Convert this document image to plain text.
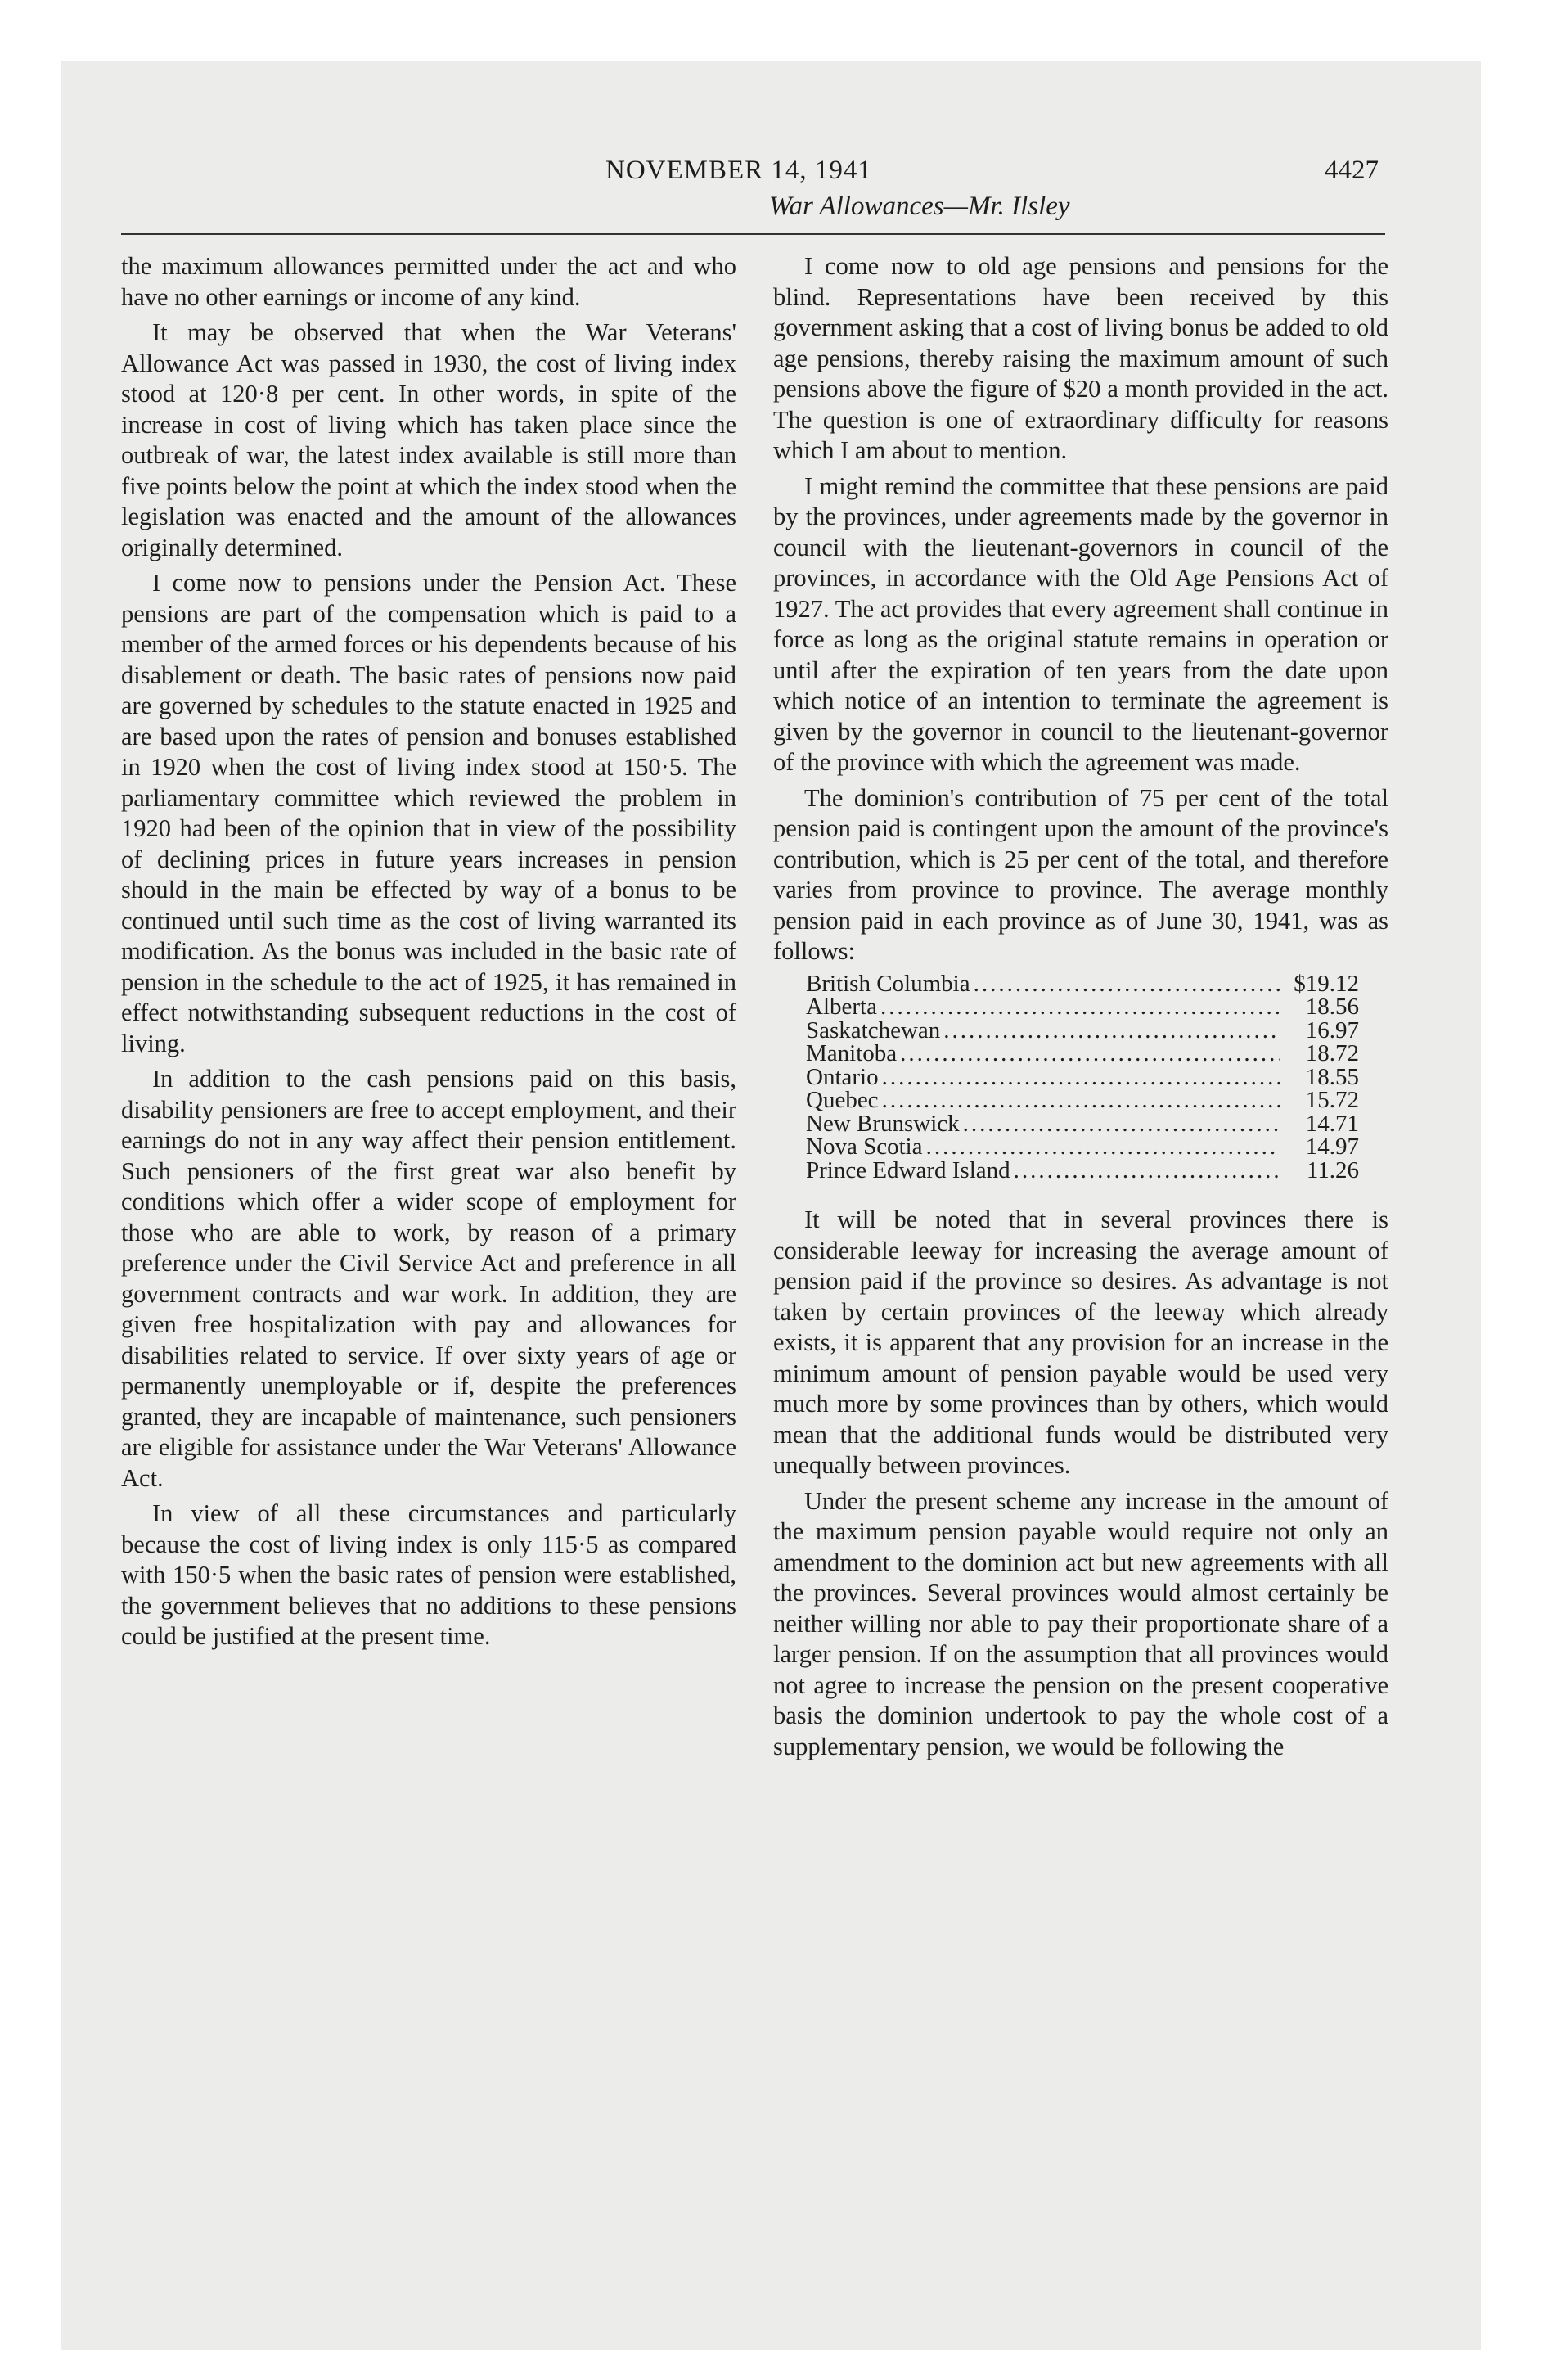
NOVEMBER 14, 1941	4427
War Allowances—Mr. Ilsley

the maximum allowances permitted under the act and who have no other earnings or income of any kind.

It may be observed that when the War Veterans' Allowance Act was passed in 1930, the cost of living index stood at 120·8 per cent. In other words, in spite of the increase in cost of living which has taken place since the outbreak of war, the latest index available is still more than five points below the point at which the index stood when the legislation was enacted and the amount of the allowances originally determined.

I come now to pensions under the Pension Act. These pensions are part of the compensation which is paid to a member of the armed forces or his dependents because of his disablement or death. The basic rates of pensions now paid are governed by schedules to the statute enacted in 1925 and are based upon the rates of pension and bonuses established in 1920 when the cost of living index stood at 150·5. The parliamentary committee which reviewed the problem in 1920 had been of the opinion that in view of the possibility of declining prices in future years increases in pension should in the main be effected by way of a bonus to be continued until such time as the cost of living warranted its modification. As the bonus was included in the basic rate of pension in the schedule to the act of 1925, it has remained in effect notwithstanding subsequent reductions in the cost of living.

In addition to the cash pensions paid on this basis, disability pensioners are free to accept employment, and their earnings do not in any way affect their pension entitlement. Such pensioners of the first great war also benefit by conditions which offer a wider scope of employment for those who are able to work, by reason of a primary preference under the Civil Service Act and preference in all government contracts and war work. In addition, they are given free hospitalization with pay and allowances for disabilities related to service. If over sixty years of age or permanently unemployable or if, despite the preferences granted, they are incapable of maintenance, such pensioners are eligible for assistance under the War Veterans' Allowance Act.

In view of all these circumstances and particularly because the cost of living index is only 115·5 as compared with 150·5 when the basic rates of pension were established, the government believes that no additions to these pensions could be justified at the present time.

I come now to old age pensions and pensions for the blind. Representations have been received by this government asking that a cost of living bonus be added to old age pensions, thereby raising the maximum amount of such pensions above the figure of $20 a month provided in the act. The question is one of extraordinary difficulty for reasons which I am about to mention.

I might remind the committee that these pensions are paid by the provinces, under agreements made by the governor in council with the lieutenant-governors in council of the provinces, in accordance with the Old Age Pensions Act of 1927. The act provides that every agreement shall continue in force as long as the original statute remains in operation or until after the expiration of ten years from the date upon which notice of an intention to terminate the agreement is given by the governor in council to the lieutenant-governor of the province with which the agreement was made.

The dominion's contribution of 75 per cent of the total pension paid is contingent upon the amount of the province's contribution, which is 25 per cent of the total, and therefore varies from province to province. The average monthly pension paid in each province as of June 30, 1941, was as follows:

British Columbia .....	$19.12
Alberta .....	18.56
Saskatchewan .....	16.97
Manitoba .....	18.72
Ontario .....	18.55
Quebec .....	15.72
New Brunswick .....	14.71
Nova Scotia .....	14.97
Prince Edward Island .....	11.26

It will be noted that in several provinces there is considerable leeway for increasing the average amount of pension paid if the province so desires. As advantage is not taken by certain provinces of the leeway which already exists, it is apparent that any provision for an increase in the minimum amount of pension payable would be used very much more by some provinces than by others, which would mean that the additional funds would be distributed very unequally between provinces.

Under the present scheme any increase in the amount of the maximum pension payable would require not only an amendment to the dominion act but new agreements with all the provinces. Several provinces would almost certainly be neither willing nor able to pay their proportionate share of a larger pension. If on the assumption that all provinces would not agree to increase the pension on the present cooperative basis the dominion undertook to pay the whole cost of a supplementary pension, we would be following the
